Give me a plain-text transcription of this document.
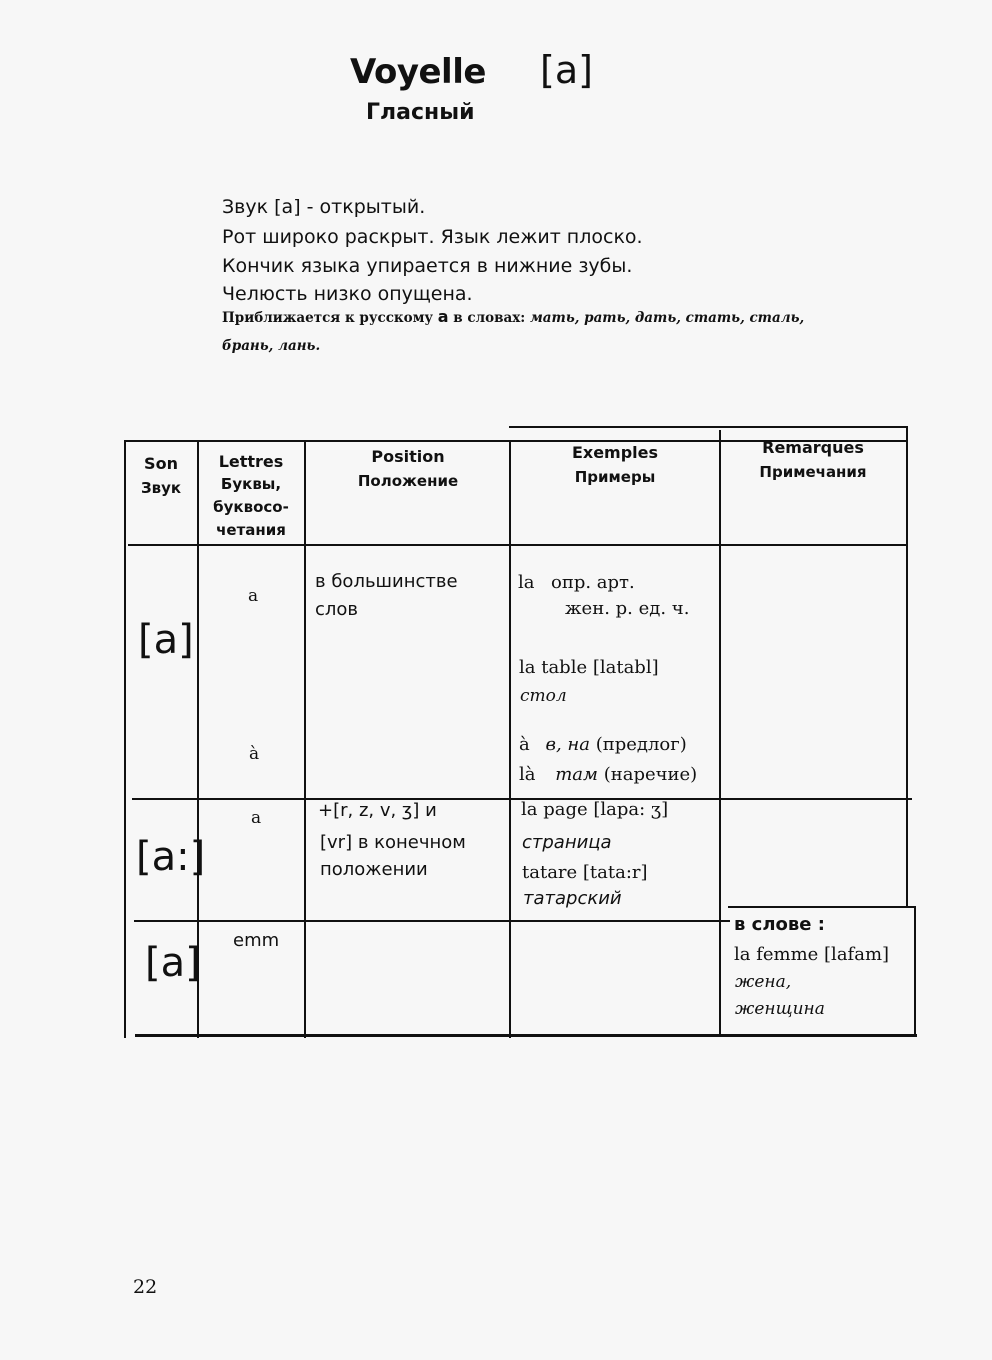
Voyelle [a]
Гласный
Звук [a] - открытый.
Рот широко раскрыт. Язык лежит плоско.
Кончик языка упирается в нижние зубы.
Челюсть низко опущена.
Приближается к русскому а в словах: мать, рать, дать, стать, сталь,
брань, лань.
Son
Звук
Lettres
Буквы,
буквосо-
четания
Position
Положение
Exemples
Примеры
Remarques
Примечания
[a]
a
à
в большинстве
слов
la опр. арт.
жен. р. ед. ч.
la table [latabl]
стол
à в, на (предлог)
là там (наречие)
[a:]
a	+[r, z, v, ʒ] и
[vr] в конечном
положении
la page [lapa: ʒ]
страница
tatare [tata:r]
татарский
[a] emm
в слове :
la femme [lafam]
жена,
женщина
22
